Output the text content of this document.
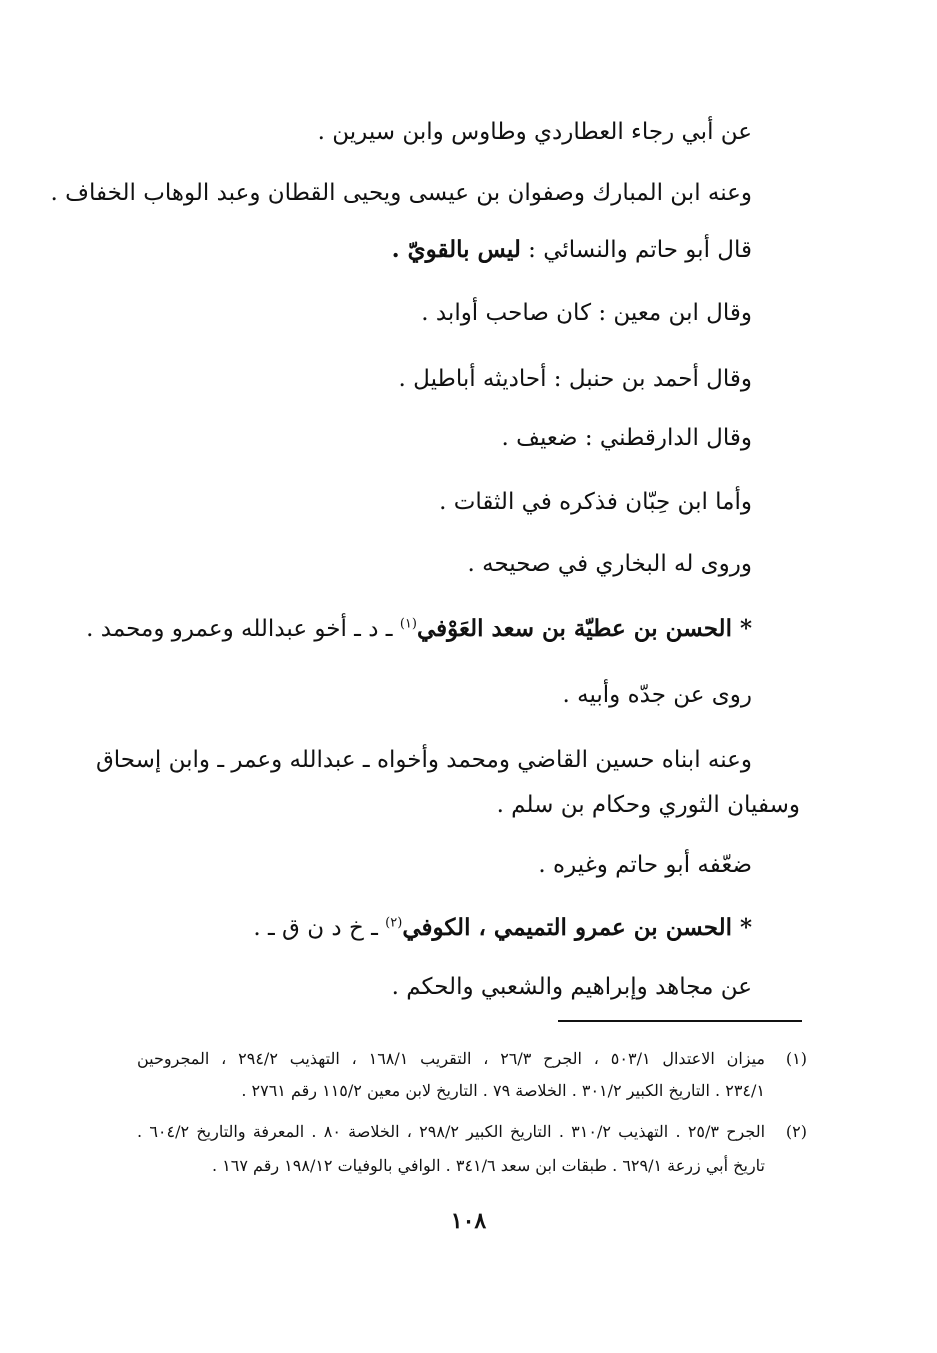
عن أبي رجاء العطاردي وطاوس وابن سيرين .
وعنه ابن المبارك وصفوان بن عيسى ويحيى القطان وعبد الوهاب الخفاف .
قال أبو حاتم والنسائي : ليس بالقويّ .
وقال ابن معين : كان صاحب أوابد .
وقال أحمد بن حنبل : أحاديثه أباطيل .
وقال الدارقطني : ضعيف .
وأما ابن حِبّان فذكره في الثقات .
وروى له البخاري في صحيحه .
* الحسن بن عطيّة بن سعد العَوْفي$^{(١)}$ ـ د ـ أخو عبدالله وعمرو ومحمد .
روى عن جدّه وأبيه .
وعنه ابناه حسين القاضي ومحمد وأخواه ـ عبدالله وعمر ـ وابن إسحاق
وسفيان الثوري وحكام بن سلم .
ضعّفه أبو حاتم وغيره .
* الحسن بن عمرو التميمي ، الكوفي$^{(٢)}$ ـ خ د ن ق ـ .
عن مجاهد وإبراهيم والشعبي والحكم .
(١)
ميزان الاعتدال ٥٠٣/١ ، الجرح ٢٦/٣ ، التقريب ١٦٨/١ ، التهذيب ٢٩٤/٢ ، المجروحين
٢٣٤/١ . التاريخ الكبير ٣٠١/٢ . الخلاصة ٧٩ . التاريخ لابن معين ١١٥/٢ رقم ٢٧٦١ .
(٢)
الجرح ٢٥/٣ . التهذيب ٣١٠/٢ . التاريخ الكبير ٢٩٨/٢ ، الخلاصة ٨٠ . المعرفة والتاريخ ٦٠٤/٢ .
تاريخ أبي زرعة ٦٢٩/١ . طبقات ابن سعد ٣٤١/٦ . الوافي بالوفيات ١٩٨/١٢ رقم ١٦٧ .
١٠٨
